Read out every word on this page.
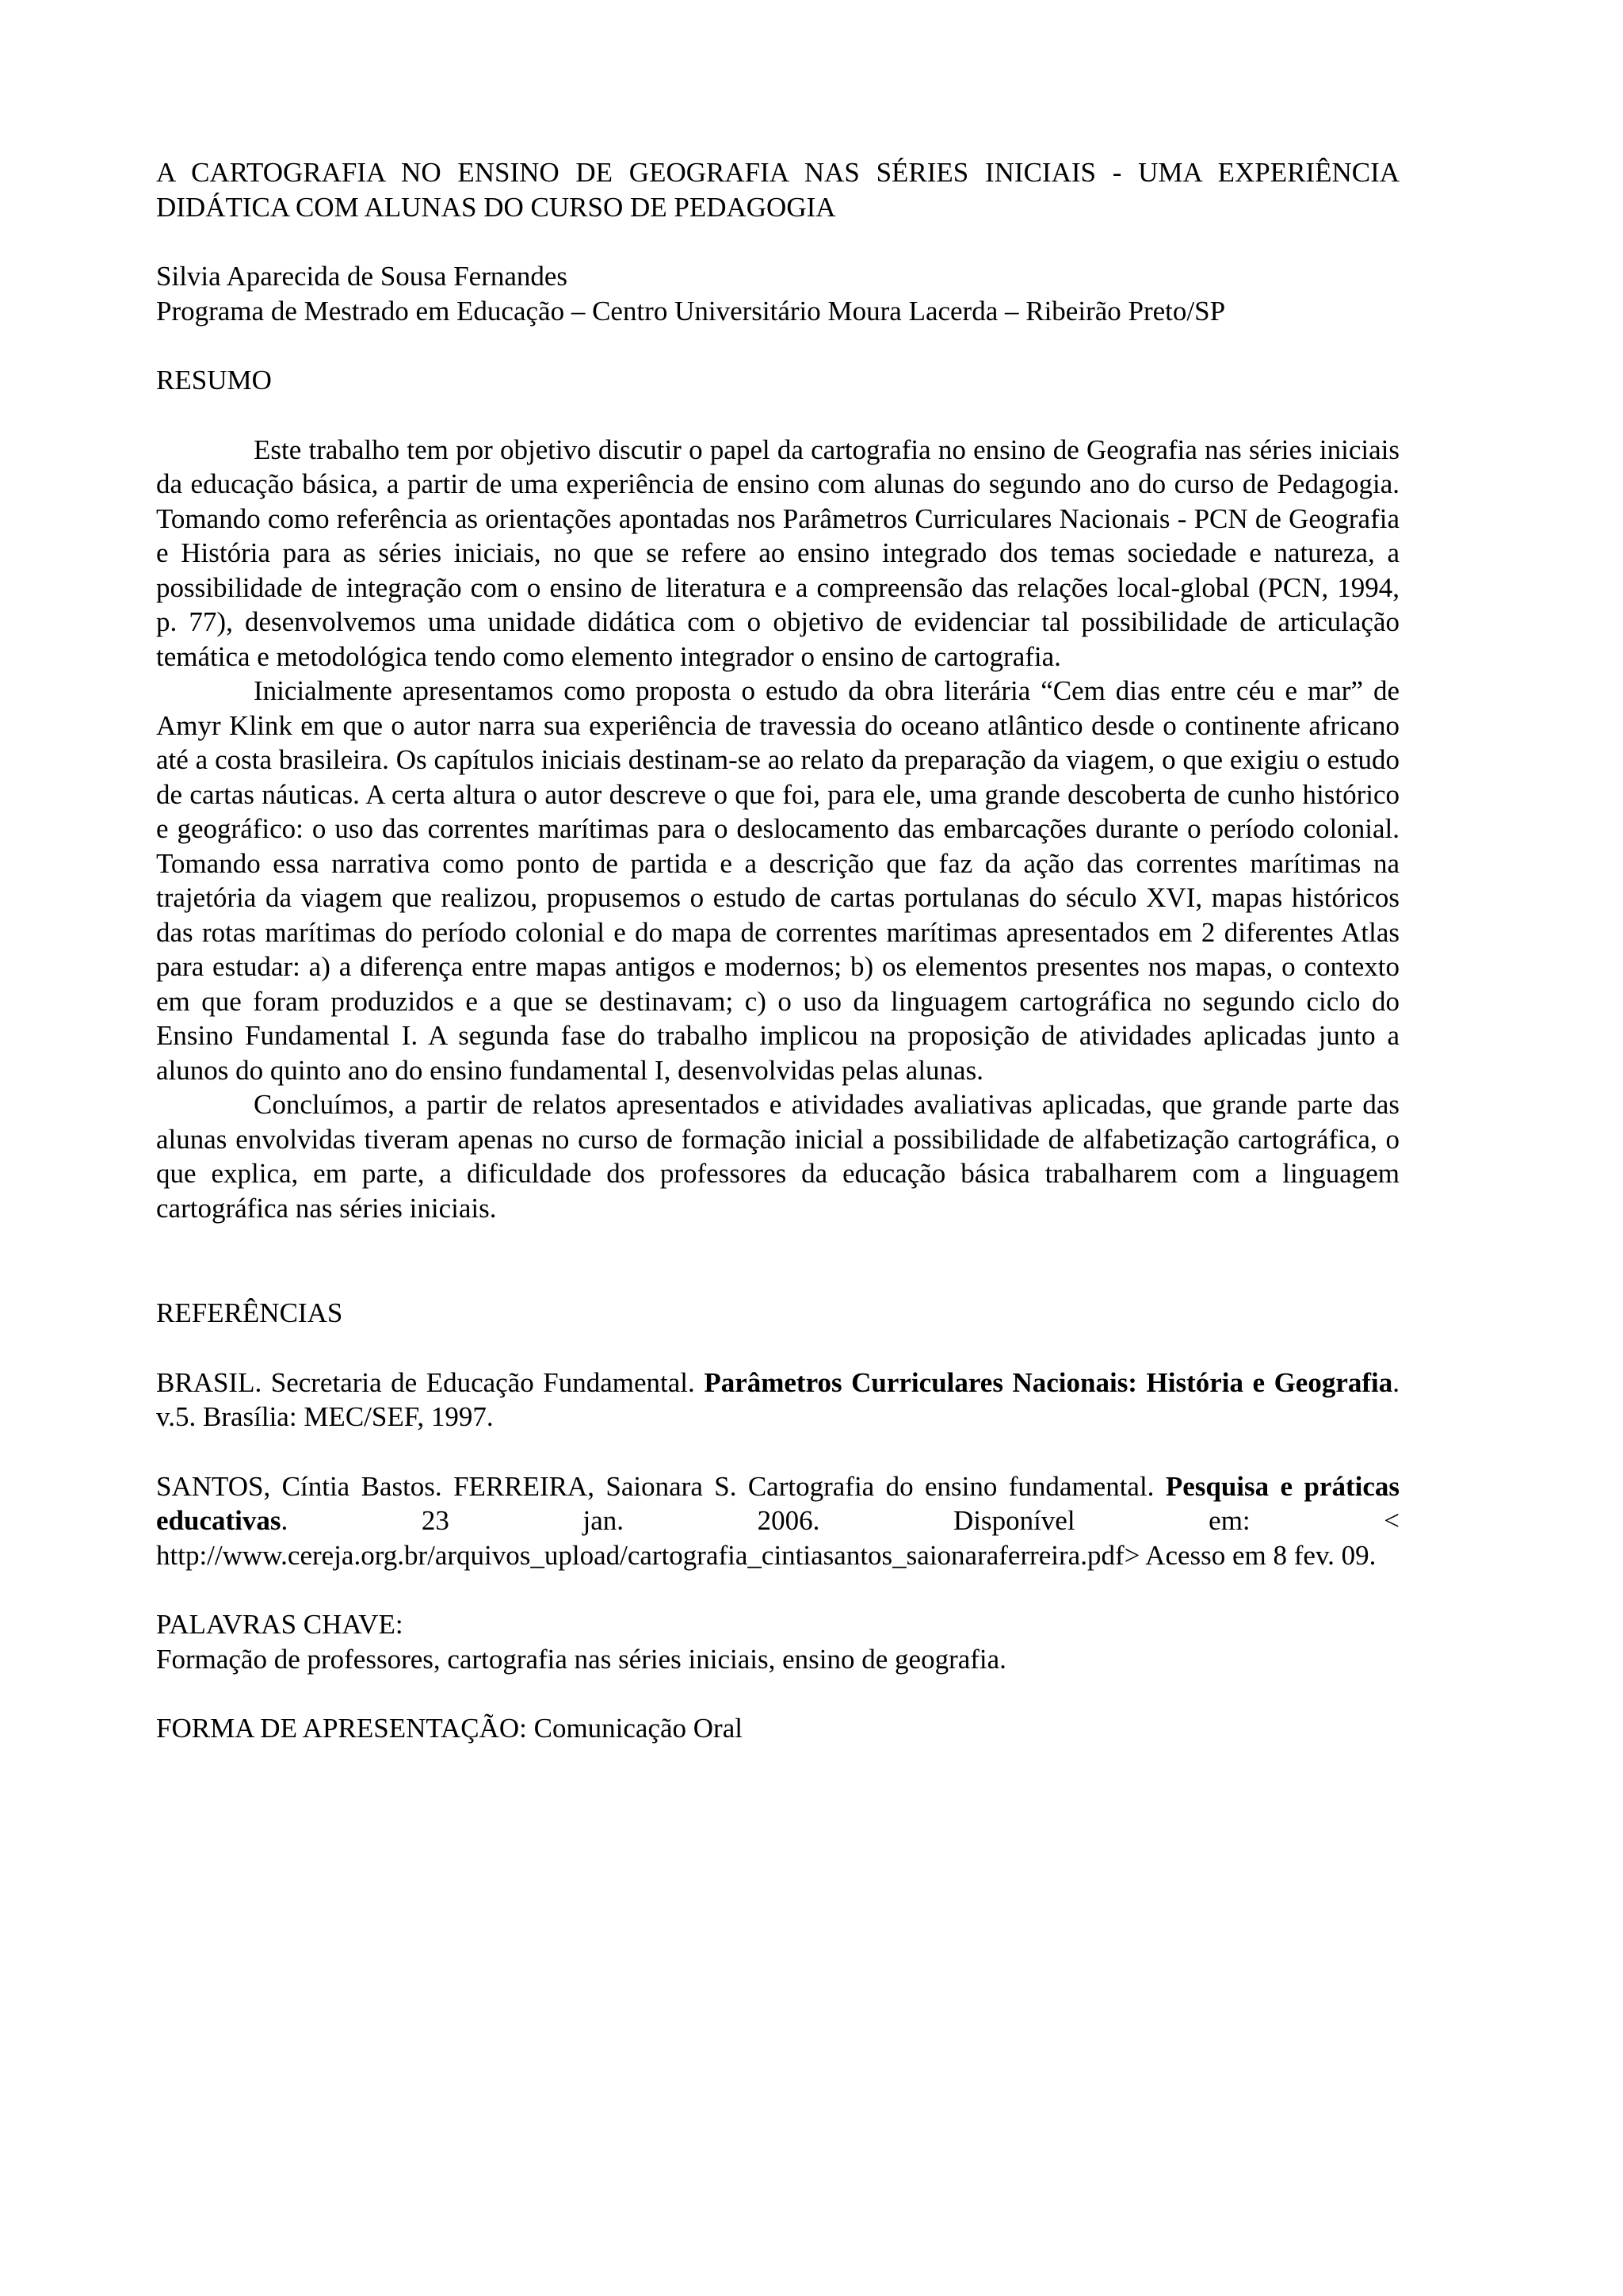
A CARTOGRAFIA NO ENSINO DE GEOGRAFIA NAS SÉRIES INICIAIS - UMA EXPERIÊNCIA DIDÁTICA COM ALUNAS DO CURSO DE PEDAGOGIA

Silvia Aparecida de Sousa Fernandes

Programa de Mestrado em Educação – Centro Universitário Moura Lacerda – Ribeirão Preto/SP

RESUMO

Este trabalho tem por objetivo discutir o papel da cartografia no ensino de Geografia nas séries iniciais da educação básica, a partir de uma experiência de ensino com alunas do segundo ano do curso de Pedagogia. Tomando como referência as orientações apontadas nos Parâmetros Curriculares Nacionais - PCN de Geografia e História para as séries iniciais, no que se refere ao ensino integrado dos temas sociedade e natureza, a possibilidade de integração com o ensino de literatura e a compreensão das relações local-global (PCN, 1994, p. 77), desenvolvemos uma unidade didática com o objetivo de evidenciar tal possibilidade de articulação temática e metodológica tendo como elemento integrador o ensino de cartografia.

Inicialmente apresentamos como proposta o estudo da obra literária “Cem dias entre céu e mar” de Amyr Klink em que o autor narra sua experiência de travessia do oceano atlântico desde o continente africano até a costa brasileira. Os capítulos iniciais destinam-se ao relato da preparação da viagem, o que exigiu o estudo de cartas náuticas. A certa altura o autor descreve o que foi, para ele, uma grande descoberta de cunho histórico e geográfico: o uso das correntes marítimas para o deslocamento das embarcações durante o período colonial. Tomando essa narrativa como ponto de partida e a descrição que faz da ação das correntes marítimas na trajetória da viagem que realizou, propusemos o estudo de cartas portulanas do século XVI, mapas históricos das rotas marítimas do período colonial e do mapa de correntes marítimas apresentados em 2 diferentes Atlas para estudar: a) a diferença entre mapas antigos e modernos; b) os elementos presentes nos mapas, o contexto em que foram produzidos e a que se destinavam; c) o uso da linguagem cartográfica no segundo ciclo do Ensino Fundamental I. A segunda fase do trabalho implicou na proposição de atividades aplicadas junto a alunos do quinto ano do ensino fundamental I, desenvolvidas pelas alunas.

Concluímos, a partir de relatos apresentados e atividades avaliativas aplicadas, que grande parte das alunas envolvidas tiveram apenas no curso de formação inicial a possibilidade de alfabetização cartográfica, o que explica, em parte, a dificuldade dos professores da educação básica trabalharem com a linguagem cartográfica nas séries iniciais.

REFERÊNCIAS

BRASIL. Secretaria de Educação Fundamental. Parâmetros Curriculares Nacionais: História e Geografia. v.5. Brasília: MEC/SEF, 1997.

SANTOS, Cíntia Bastos. FERREIRA, Saionara S. Cartografia do ensino fundamental. Pesquisa e práticas educativas. 23 jan. 2006. Disponível em: < http://www.cereja.org.br/arquivos_upload/cartografia_cintiasantos_saionaraferreira.pdf> Acesso em 8 fev. 09.

PALAVRAS CHAVE:

Formação de professores, cartografia nas séries iniciais, ensino de geografia.

FORMA DE APRESENTAÇÃO: Comunicação Oral
